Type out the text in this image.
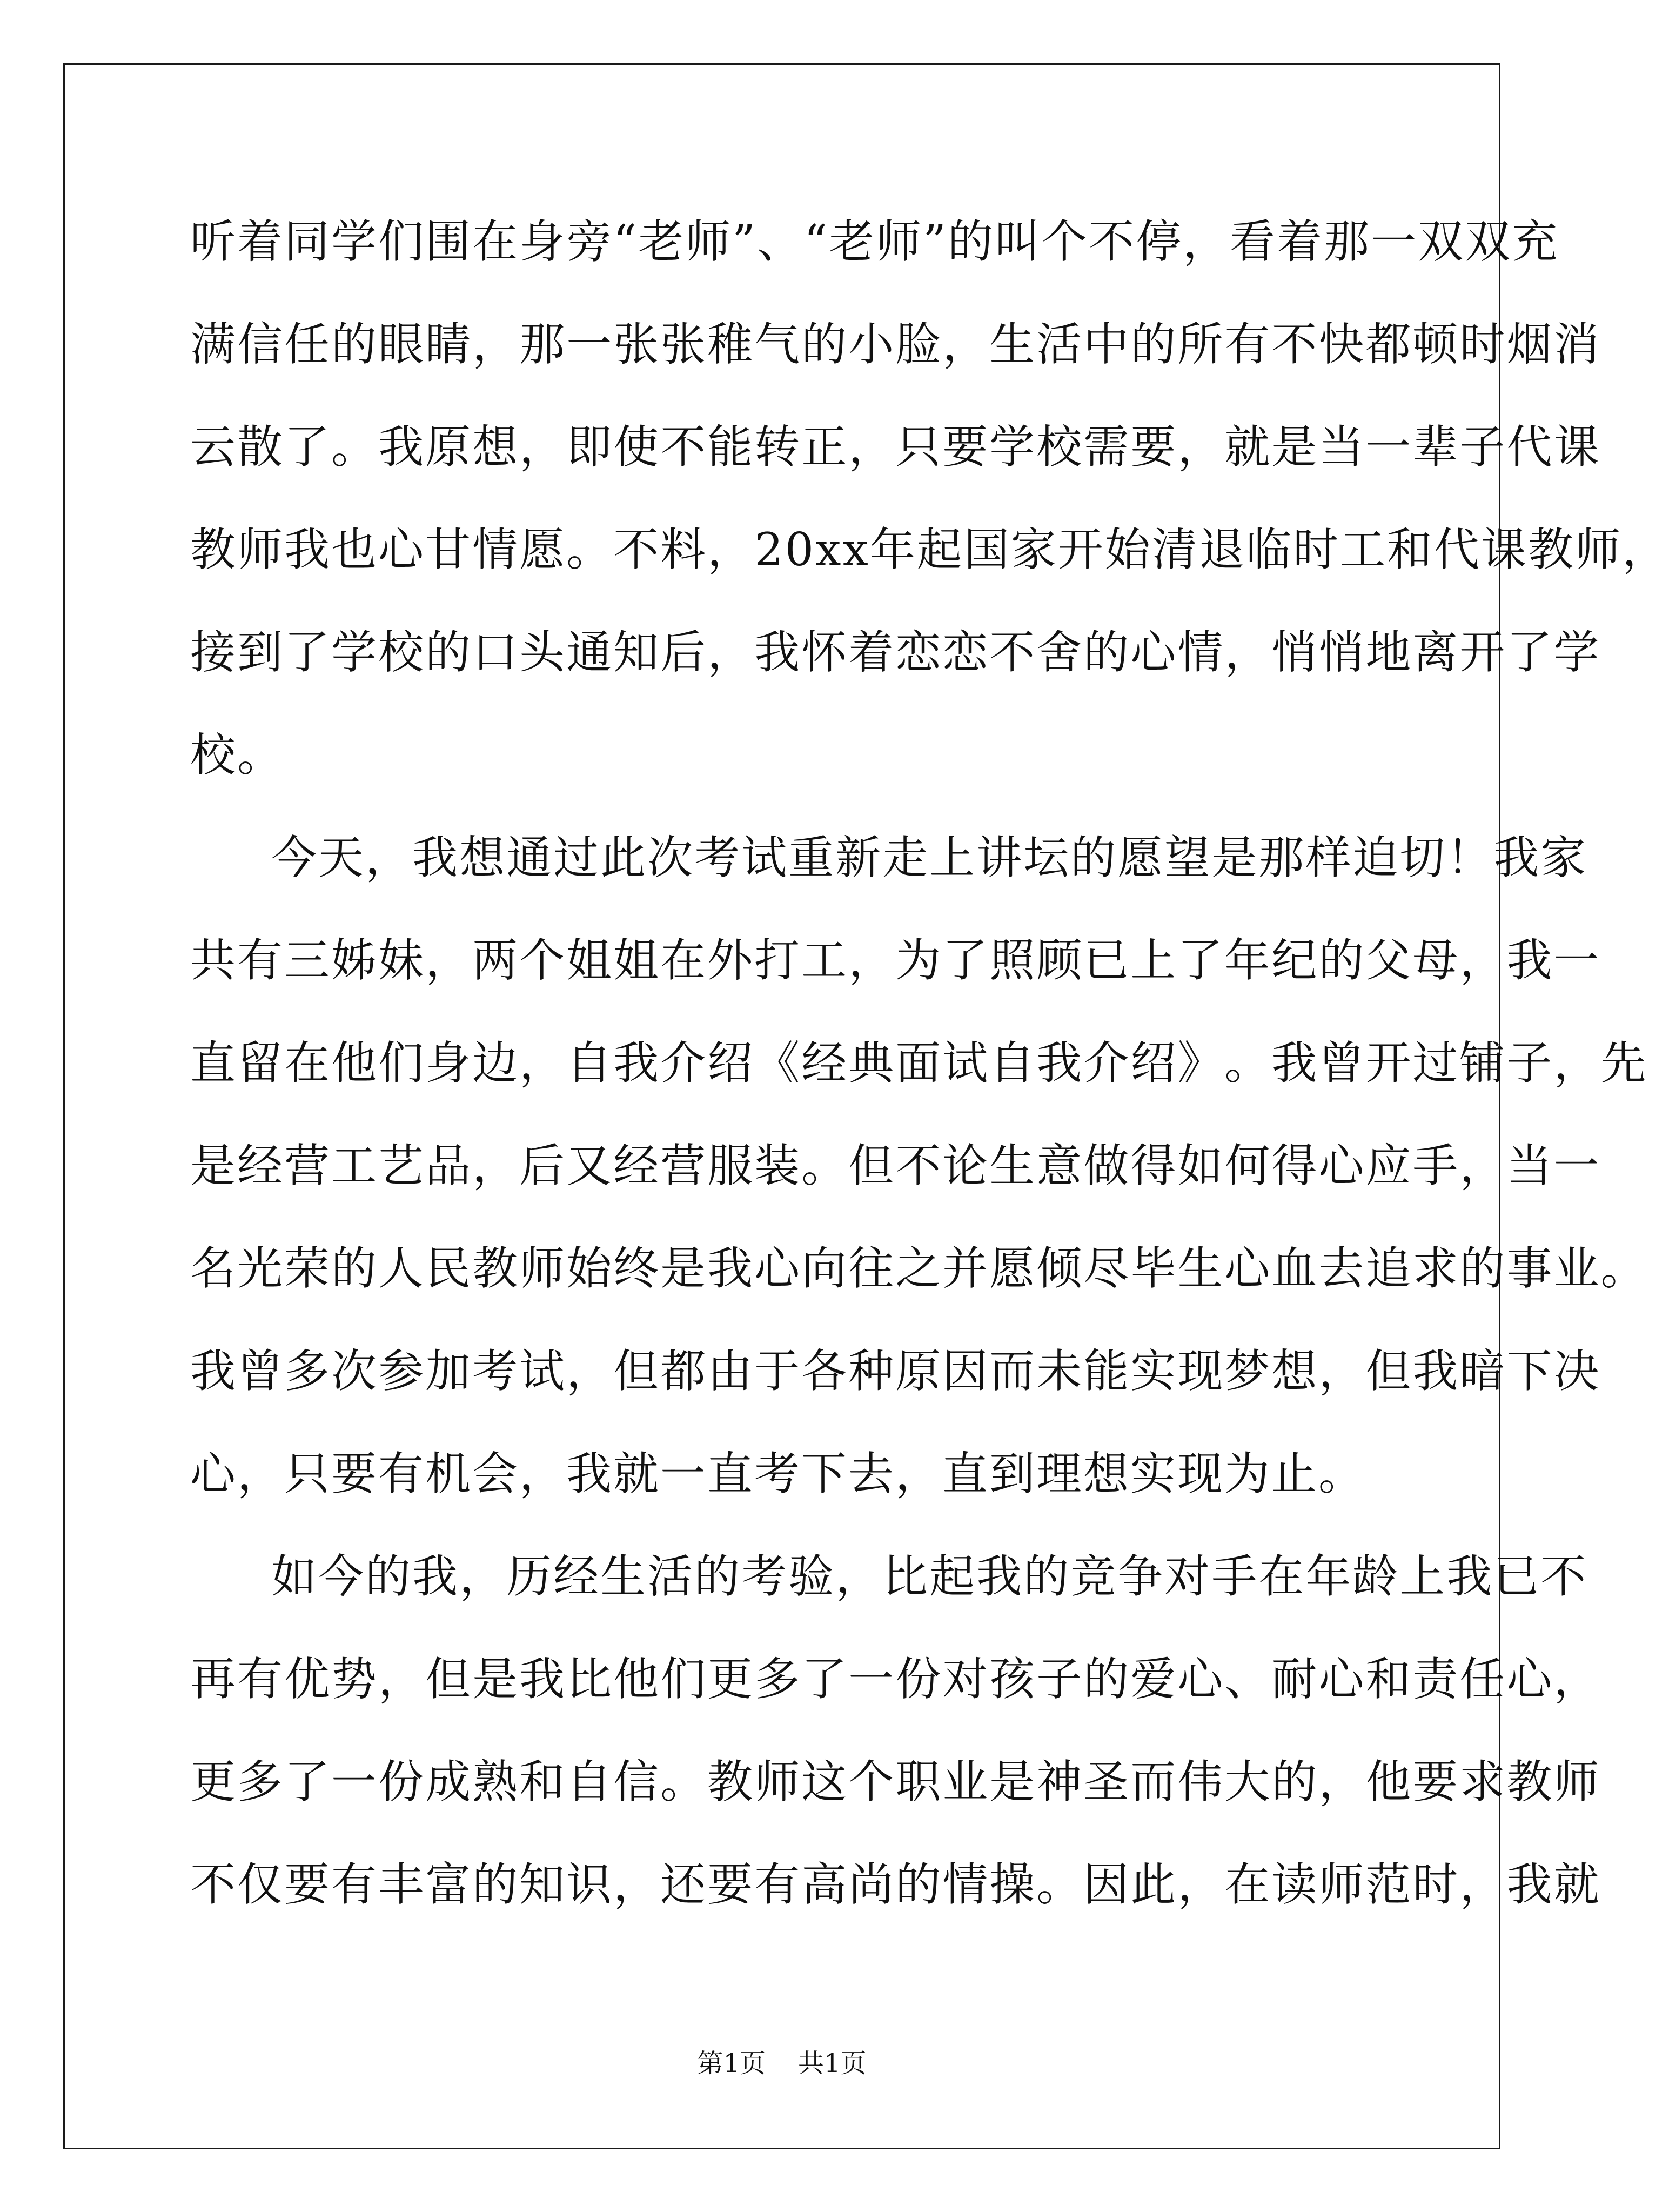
听 着 同 学 们 围 在 身 旁 “ 老 师 ” 、 “ 老 师 ” 的 叫 个 不 停 ， 看 着 那 一 双 双 充
满 信 任 的 眼 睛 ， 那 一 张 张 稚 气 的 小 脸 ， 生 活 中 的 所 有 不 快 都 顿 时 烟 消
云 散 了 。 我 原 想 ， 即 使 不 能 转 正 ， 只 要 学 校 需 要 ， 就 是 当 一 辈 子 代 课
教 师 我 也 心 甘 情 愿 。 不 料 ， 2 0 x x 年 起 国 家 开 始 清 退 临 时 工 和 代 课 教 师 ，
接 到 了 学 校 的 口 头 通 知 后 ， 我 怀 着 恋 恋 不 舍 的 心 情 ， 悄 悄 地 离 开 了 学
校。
今 天 ， 我 想 通 过 此 次 考 试 重 新 走 上 讲 坛 的 愿 望 是 那 样 迫 切 ！ 我 家
共 有 三 姊 妹 ， 两 个 姐 姐 在 外 打 工 ， 为 了 照 顾 已 上 了 年 纪 的 父 母 ， 我 一
直 留 在 他 们 身 边 ， 自 我 介 绍 《 经 典 面 试 自 我 介 绍 》 。 我 曾 开 过 铺 子 ， 先
是 经 营 工 艺 品 ， 后 又 经 营 服 装 。 但 不 论 生 意 做 得 如 何 得 心 应 手 ， 当 一
名 光 荣 的 人 民 教 师 始 终 是 我 心 向 往 之 并 愿 倾 尽 毕 生 心 血 去 追 求 的 事 业 。
我 曾 多 次 参 加 考 试 ， 但 都 由 于 各 种 原 因 而 未 能 实 现 梦 想 ， 但 我 暗 下 决
心，只要有机会，我就一直考下去，直到理想实现为止。
如 今 的 我 ， 历 经 生 活 的 考 验 ， 比 起 我 的 竞 争 对 手 在 年 龄 上 我 已 不
再 有 优 势 ， 但 是 我 比 他 们 更 多 了 一 份 对 孩 子 的 爱 心 、 耐 心 和 责 任 心 ，
更 多 了 一 份 成 熟 和 自 信 。 教 师 这 个 职 业 是 神 圣 而 伟 大 的 ， 他 要 求 教 师
不 仅 要 有 丰 富 的 知 识 ， 还 要 有 高 尚 的 情 操 。 因 此 ， 在 读 师 范 时 ， 我 就
第1页 共1页
